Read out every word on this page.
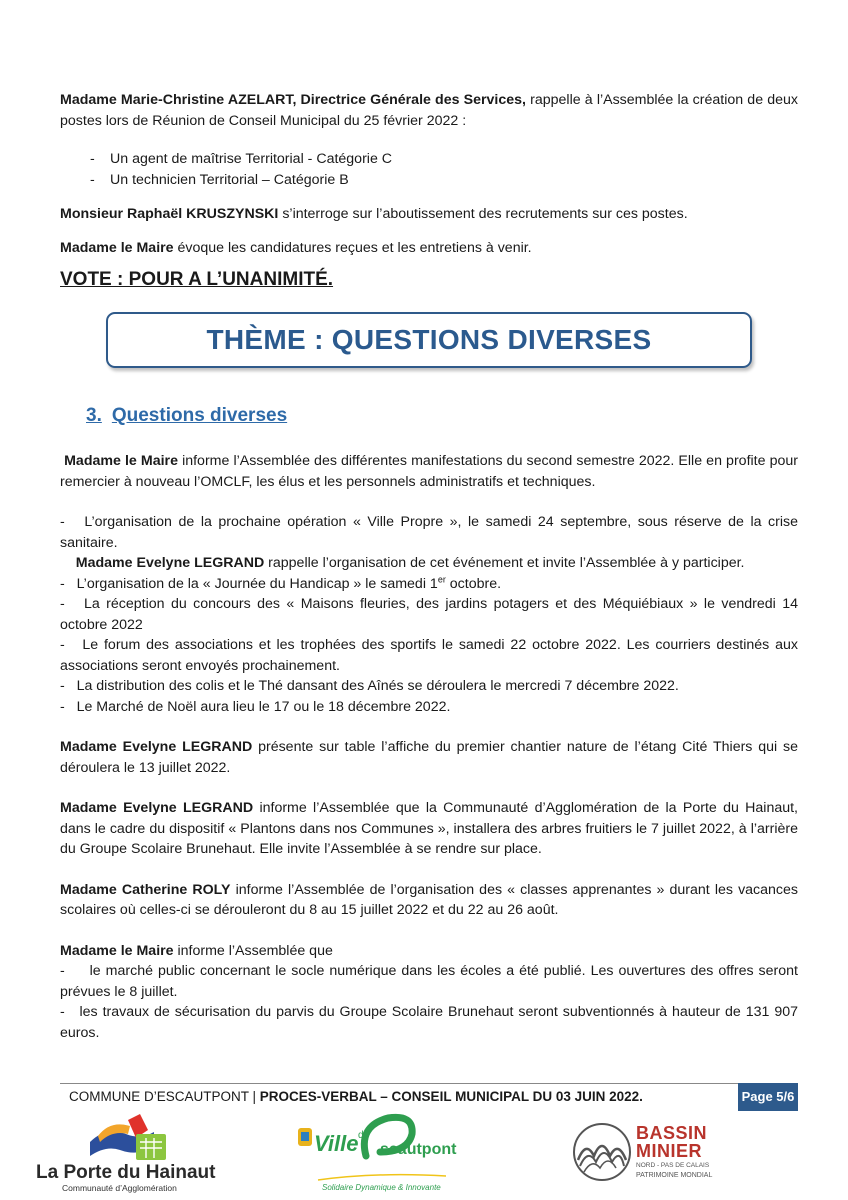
Madame Marie-Christine AZELART, Directrice Générale des Services, rappelle à l’Assemblée la création de deux postes lors de Réunion de Conseil Municipal du 25 février 2022 :

- Un agent de maîtrise Territorial - Catégorie C
- Un technicien Territorial – Catégorie B

Monsieur Raphaël KRUSZYNSKI s’interroge sur l’aboutissement des recrutements sur ces postes.

Madame le Maire évoque les candidatures reçues et les entretiens à venir.

VOTE : POUR A L’UNANIMITÉ.
THÈME : QUESTIONS DIVERSES
3. Questions diverses

Madame le Maire informe l’Assemblée des différentes manifestations du second semestre 2022. Elle en profite pour remercier à nouveau l’OMCLF, les élus et les personnels administratifs et techniques.

- L’organisation de la prochaine opération « Ville Propre », le samedi 24 septembre, sous réserve de la crise sanitaire.

Madame Evelyne LEGRAND rappelle l’organisation de cet événement et invite l’Assemblée à y participer.

- L’organisation de la « Journée du Handicap » le samedi 1er octobre.

- La réception du concours des « Maisons fleuries, des jardins potagers et des Méquiébiaux » le vendredi 14 octobre 2022

- Le forum des associations et les trophées des sportifs le samedi 22 octobre 2022. Les courriers destinés aux associations seront envoyés prochainement.

- La distribution des colis et le Thé dansant des Aînés se déroulera le mercredi 7 décembre 2022.

- Le Marché de Noël aura lieu le 17 ou le 18 décembre 2022.

Madame Evelyne LEGRAND présente sur table l’affiche du premier chantier nature de l’étang Cité Thiers qui se déroulera le 13 juillet 2022.

Madame Evelyne LEGRAND informe l’Assemblée que la Communauté d’Agglomération de la Porte du Hainaut, dans le cadre du dispositif « Plantons dans nos Communes », installera des arbres fruitiers le 7 juillet 2022, à l’arrière du Groupe Scolaire Brunehaut. Elle invite l’Assemblée à se rendre sur place.

Madame Catherine ROLY informe l’Assemblée de l’organisation des « classes apprenantes » durant les vacances scolaires où celles-ci se dérouleront du 8 au 15 juillet 2022 et du 22 au 26 août.

Madame le Maire informe l’Assemblée que

- le marché public concernant le socle numérique dans les écoles a été publié. Les ouvertures des offres seront prévues le 8 juillet.

- les travaux de sécurisation du parvis du Groupe Scolaire Brunehaut seront subventionnés à hauteur de 131 907 euros.

COMMUNE D’ESCAUTPONT | PROCES-VERBAL – CONSEIL MUNICIPAL DU 03 JUIN 2022.	Page 5/6
La Porte du Hainaut
Communauté d’Agglomération
Ville d’
scautpont
Solidaire Dynamique & Innovante
BASSIN
MINIER
NORD - PAS DE CALAIS
PATRIMOINE MONDIAL
